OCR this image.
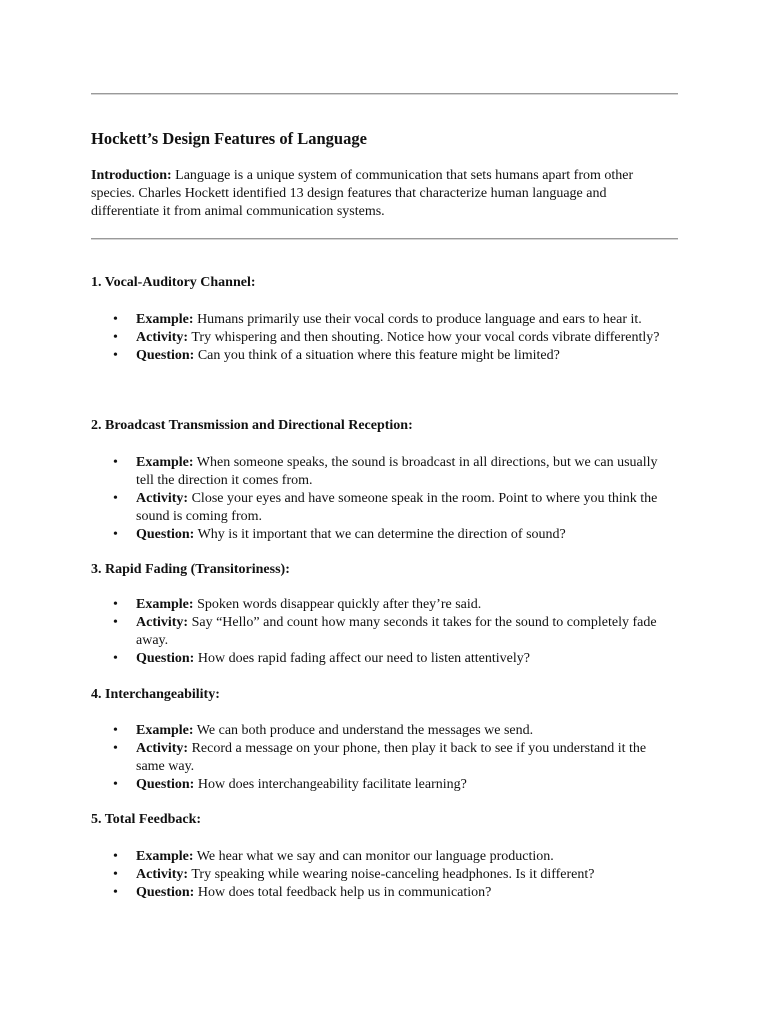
Hockett’s Design Features of Language

Introduction: Language is a unique system of communication that sets humans apart from other species. Charles Hockett identified 13 design features that characterize human language and differentiate it from animal communication systems.

1. Vocal-Auditory Channel:
• Example: Humans primarily use their vocal cords to produce language and ears to hear it.
• Activity: Try whispering and then shouting. Notice how your vocal cords vibrate differently?
• Question: Can you think of a situation where this feature might be limited?
2. Broadcast Transmission and Directional Reception:
• Example: When someone speaks, the sound is broadcast in all directions, but we can usually tell the direction it comes from.
• Activity: Close your eyes and have someone speak in the room. Point to where you think the sound is coming from.
• Question: Why is it important that we can determine the direction of sound?
3. Rapid Fading (Transitoriness):
• Example: Spoken words disappear quickly after they’re said.
• Activity: Say “Hello” and count how many seconds it takes for the sound to completely fade away.
• Question: How does rapid fading affect our need to listen attentively?
4. Interchangeability:
• Example: We can both produce and understand the messages we send.
• Activity: Record a message on your phone, then play it back to see if you understand it the same way.
• Question: How does interchangeability facilitate learning?
5. Total Feedback:
• Example: We hear what we say and can monitor our language production.
• Activity: Try speaking while wearing noise-canceling headphones. Is it different?
• Question: How does total feedback help us in communication?
